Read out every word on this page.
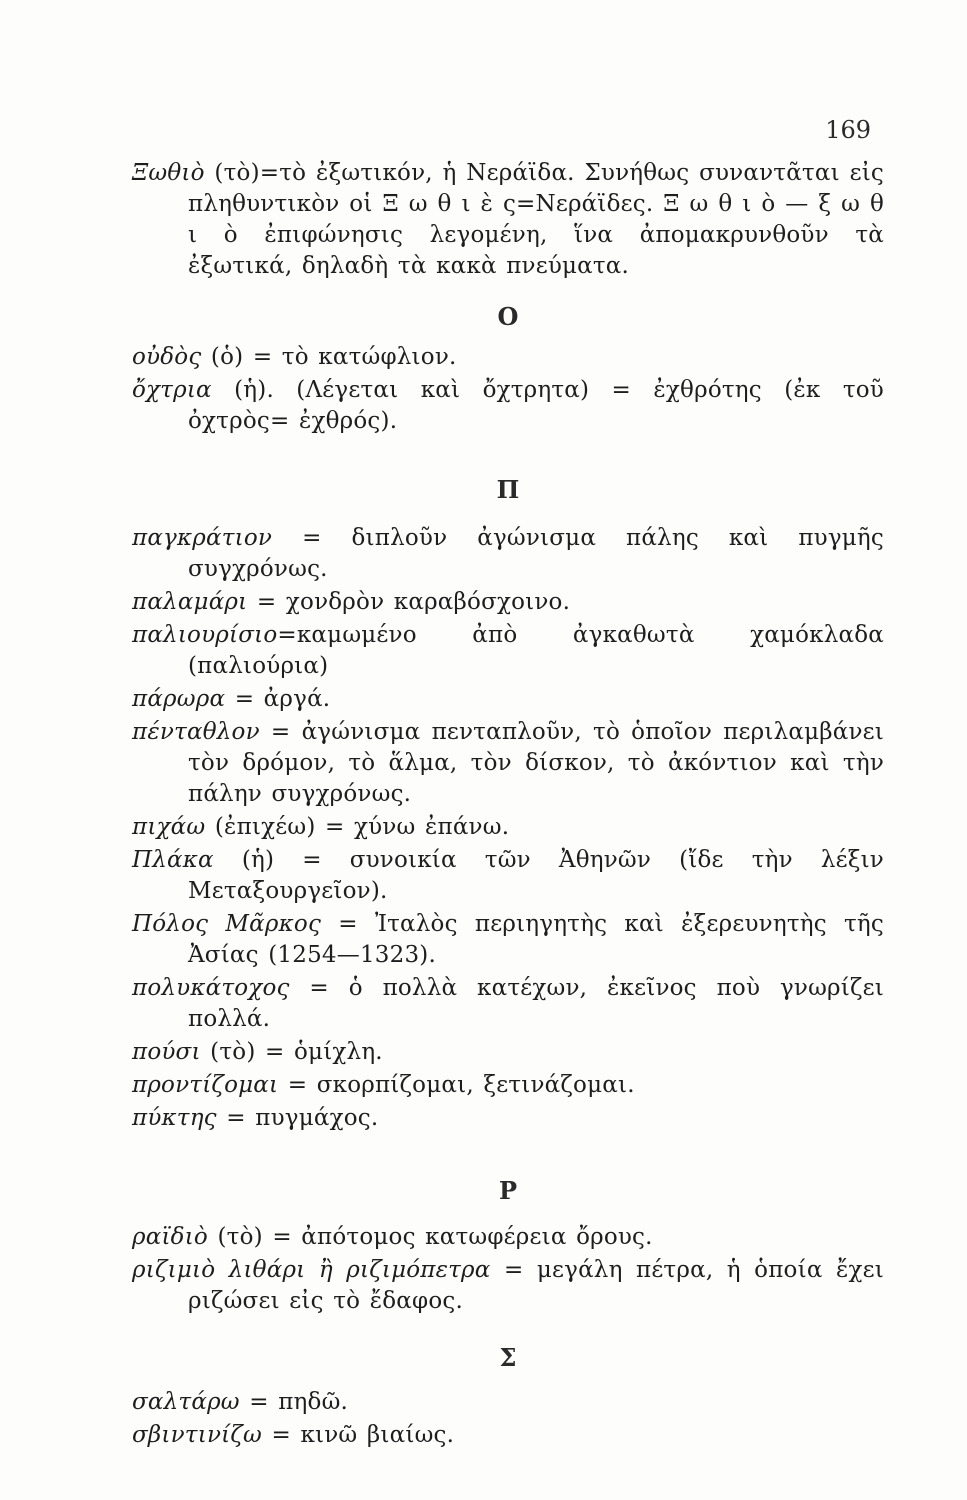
169

Ξωθιὸ (τὸ)=τὸ ἐξωτικόν, ἡ Νεράϊδα. Συνήθως συναντᾶται εἰς πληθυντικὸν οἱ Ξ ω θ ι ὲ ς=Νεράϊδες. Ξ ω θ ι ὸ — ξ ω θ ι ὸ ἐπιφώνησις λεγομένη, ἵνα ἀπομακρυνθοῦν τὰ ἐξωτικά, δηλαδὴ τὰ κακὰ πνεύματα.

Ο

οὐδὸς (ὁ) = τὸ κατώφλιον.

ὄχτρια (ἡ). (Λέγεται καὶ ὄχτρητα) = ἐχθρότης (ἐκ τοῦ ὀχτρὸς= ἐχθρός).

Π

παγκράτιον = διπλοῦν ἀγώνισμα πάλης καὶ πυγμῆς συγχρόνως.

παλαμάρι = χονδρὸν καραβόσχοινο.

παλιουρίσιο=καμωμένο ἀπὸ ἀγκαθωτὰ χαμόκλαδα (παλιούρια)

πάρωρα = ἀργά.

πένταθλον = ἀγώνισμα πενταπλοῦν, τὸ ὁποῖον περιλαμβάνει τὸν δρόμον, τὸ ἅλμα, τὸν δίσκον, τὸ ἀκόντιον καὶ τὴν πάλην συγχρόνως.

πιχάω (ἐπιχέω) = χύνω ἐπάνω.

Πλάκα (ἡ) = συνοικία τῶν Ἀθηνῶν (ἴδε τὴν λέξιν Μεταξουργεῖον).

Πόλος Μᾶρκος = Ἰταλὸς περιηγητὴς καὶ ἐξερευνητὴς τῆς Ἀσίας (1254—1323).

πολυκάτοχος = ὁ πολλὰ κατέχων, ἐκεῖνος ποὺ γνωρίζει πολλά.

πούσι (τὸ) = ὁμίχλη.

προντίζομαι = σκορπίζομαι, ξετινάζομαι.

πύκτης = πυγμάχος.

Ρ

ραϊδιὸ (τὸ) = ἀπότομος κατωφέρεια ὄρους.

ριζιμιὸ λιθάρι ἢ ριζιμόπετρα = μεγάλη πέτρα, ἡ ὁποία ἔχει ριζώσει εἰς τὸ ἔδαφος.

Σ

σαλτάρω = πηδῶ.

σβιντινίζω = κινῶ βιαίως.
